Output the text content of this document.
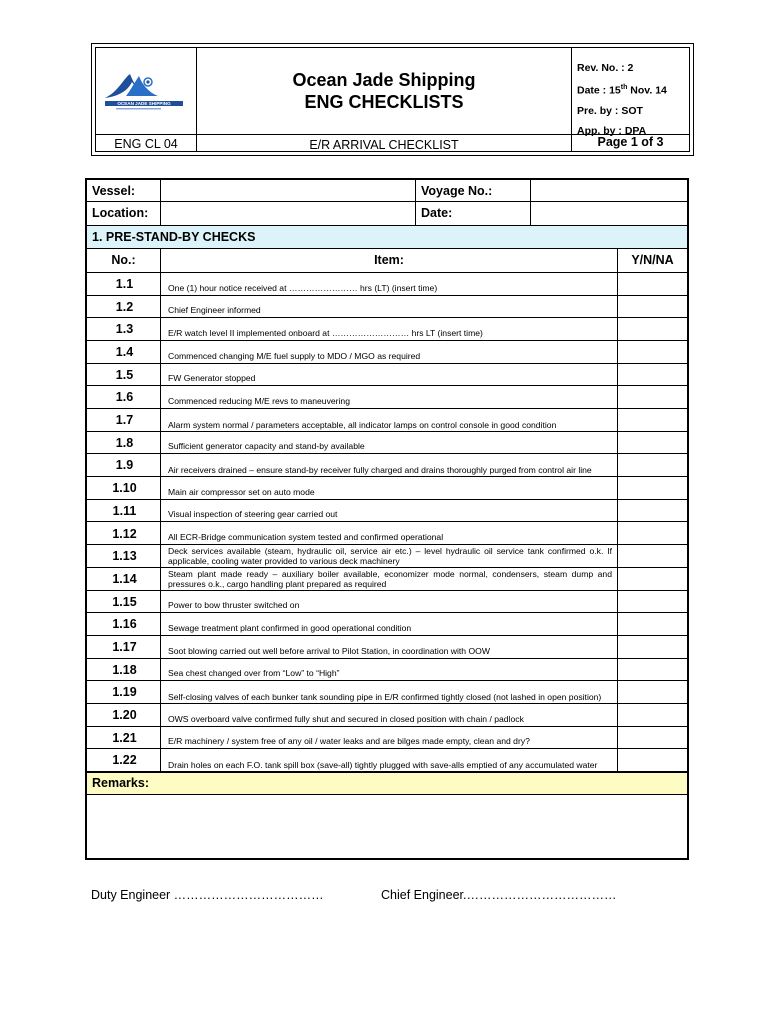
OCEAN JADE SHIPPING
Ocean Jade Shipping
ENG CHECKLISTS
Rev. No. : 2
Date : 15th Nov. 14
Pre. by : SOT
App. by : DPA
ENG CL 04	E/R ARRIVAL CHECKLIST	Page 1 of 3
Vessel:	Voyage No.:
Location:	Date:
1. PRE-STAND-BY CHECKS
No.:	Item:	Y/N/NA
1.1	One (1) hour notice received at …………………… hrs (LT) (insert time)
1.2	Chief Engineer informed
1.3	E/R watch level II implemented onboard at ……………………… hrs LT (insert time)
1.4	Commenced changing M/E fuel supply to MDO / MGO as required
1.5	FW Generator stopped
1.6	Commenced reducing M/E revs to maneuvering
1.7	Alarm system normal / parameters acceptable, all indicator lamps on control console in good condition
1.8	Sufficient generator capacity and stand-by available
1.9	Air receivers drained – ensure stand-by receiver fully charged and drains thoroughly purged from control air line
1.10	Main air compressor set on auto mode
1.11	Visual inspection of steering gear carried out
1.12	All ECR-Bridge communication system tested and confirmed operational
1.13	Deck services available (steam, hydraulic oil, service air etc.) – level hydraulic oil service tank confirmed o.k. If applicable, cooling water provided to various deck machinery
1.14	Steam plant made ready – auxiliary boiler available, economizer mode normal, condensers, steam dump and pressures o.k., cargo handling plant prepared as required
1.15	Power to bow thruster switched on
1.16	Sewage treatment plant confirmed in good operational condition
1.17	Soot blowing carried out well before arrival to Pilot Station, in coordination with OOW
1.18	Sea chest changed over from “Low” to “High”
1.19	Self-closing valves of each bunker tank sounding pipe in E/R confirmed tightly closed (not lashed in open position)
1.20	OWS overboard valve confirmed fully shut and secured in closed position with chain / padlock
1.21	E/R machinery / system free of any oil / water leaks and are bilges made empty, clean and dry?
1.22	Drain holes on each F.O. tank spill box (save-all) tightly plugged with save-alls emptied of any accumulated water
Remarks:
Duty Engineer ………………………………	Chief Engineer.………………………………
